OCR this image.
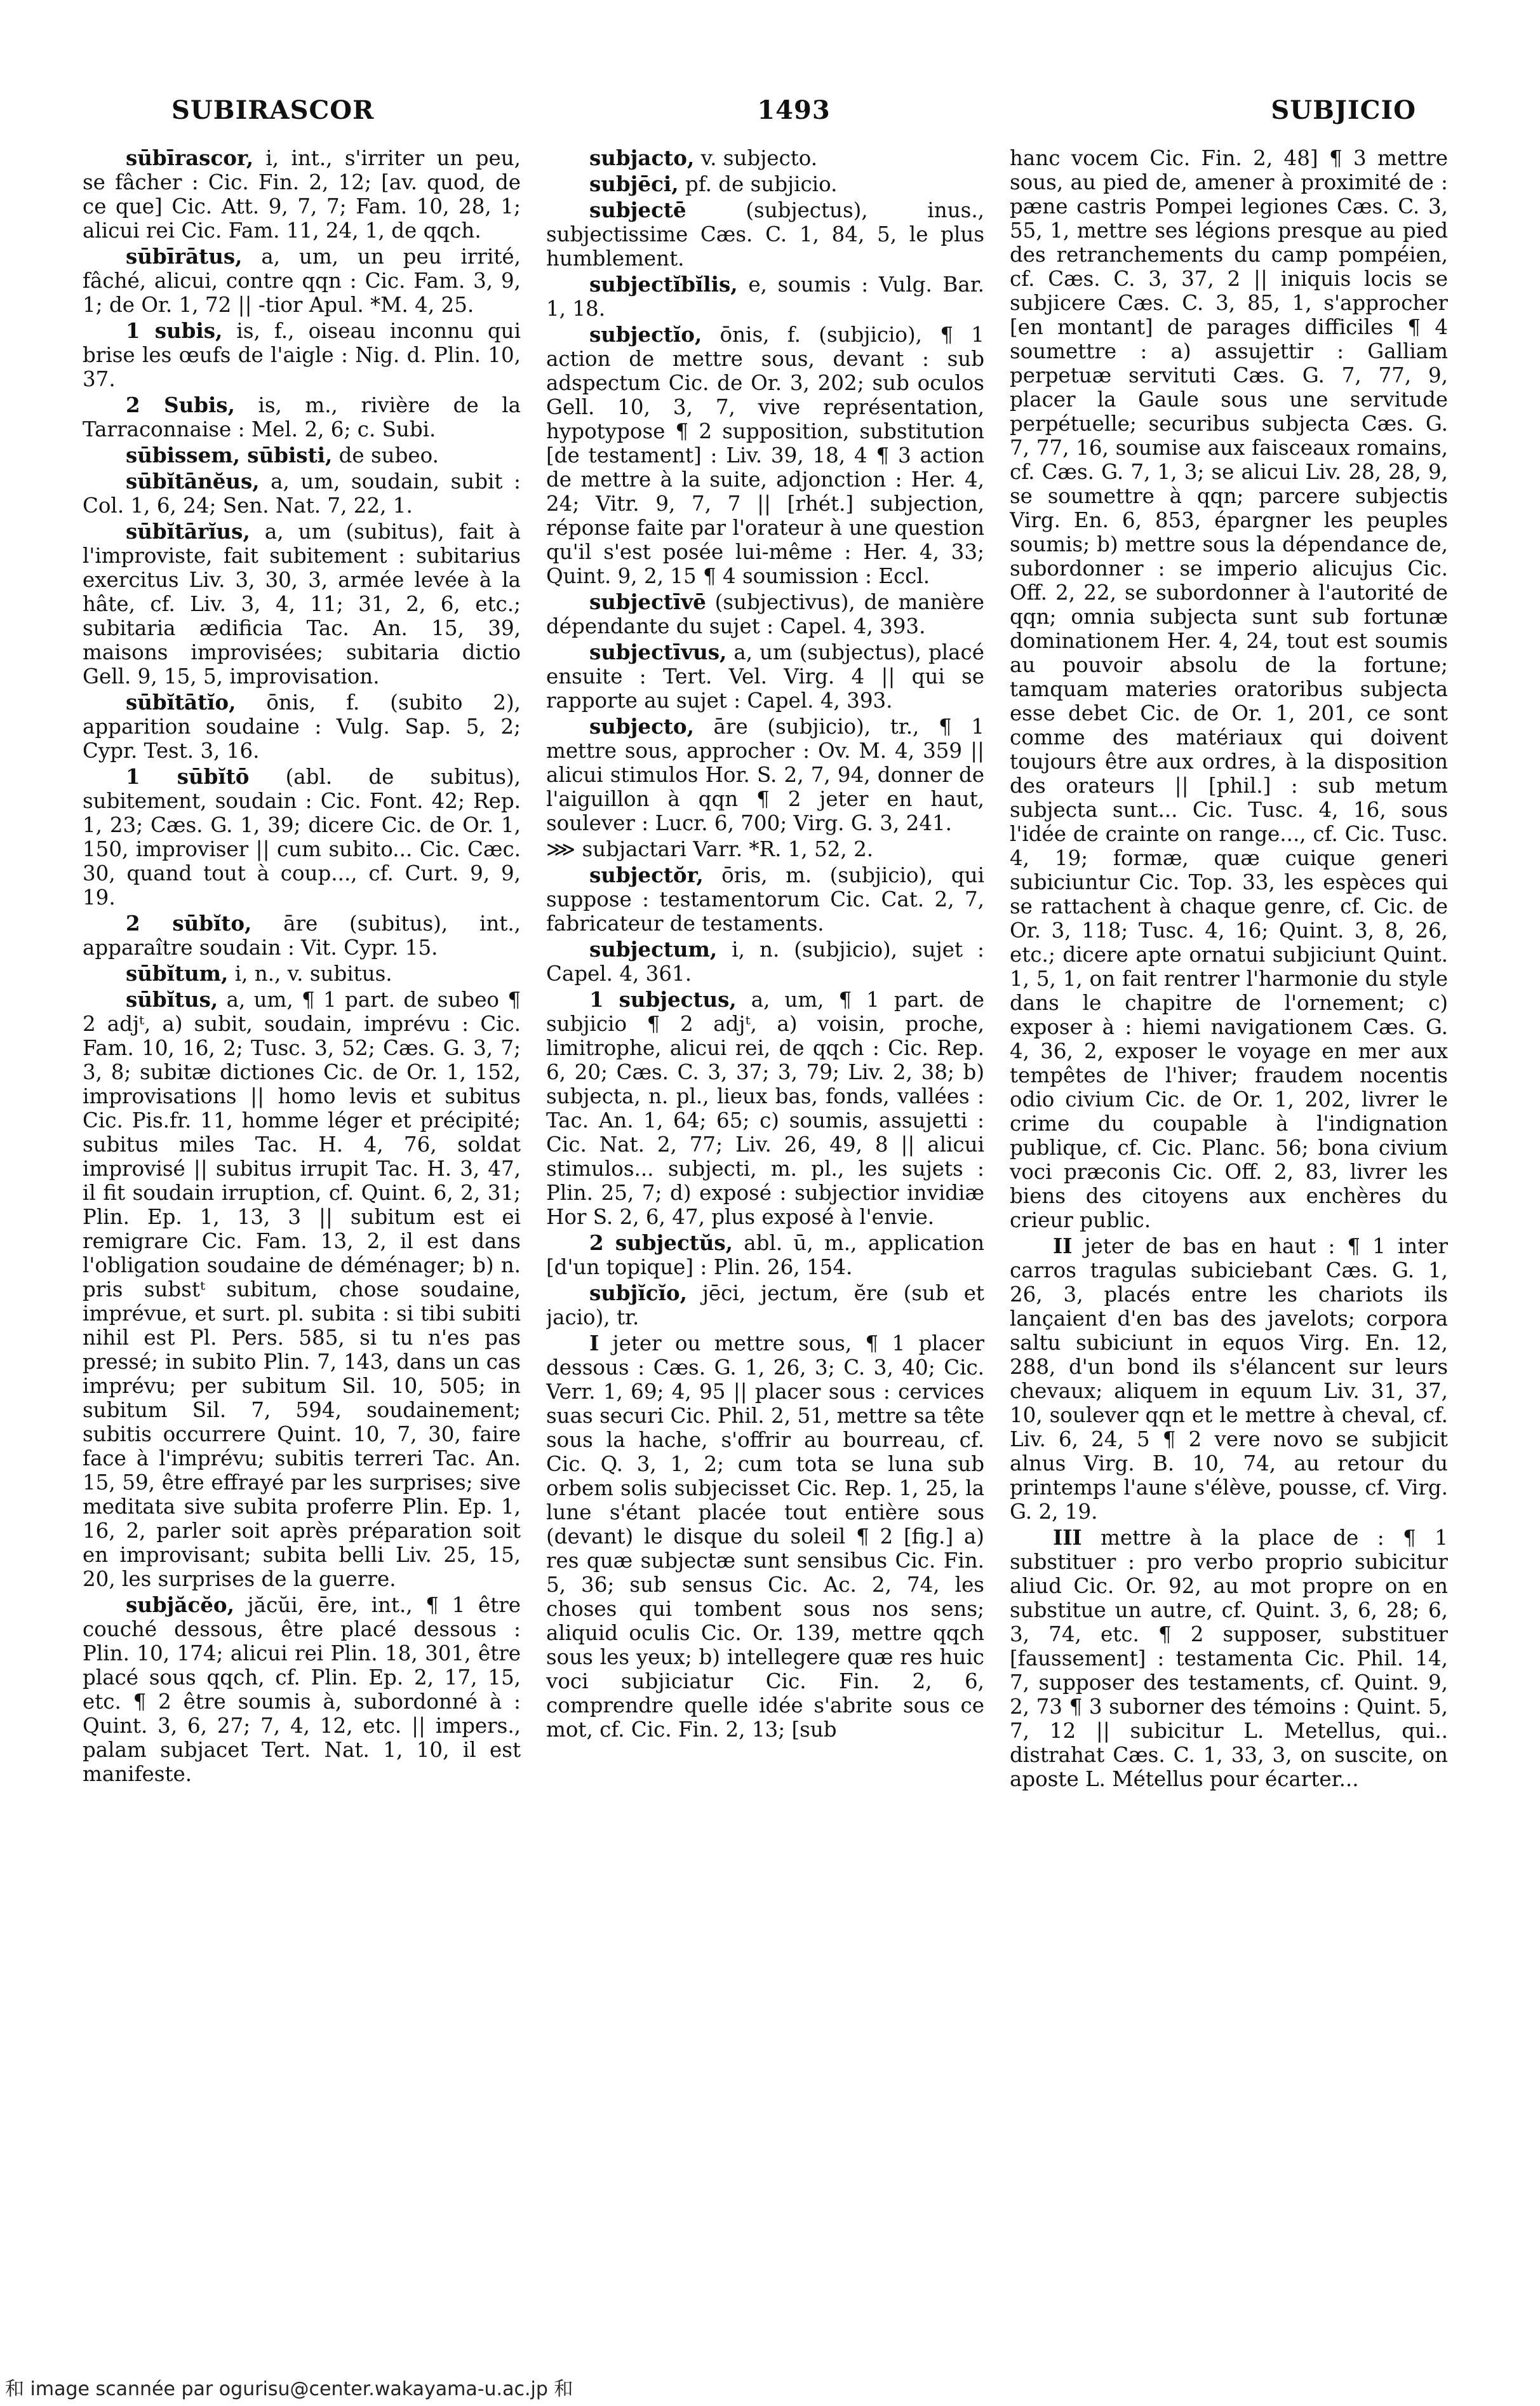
SUBIRASCOR	1493	SUBJICIO

sūbīrascor, i, int., s'irriter un peu, se fâcher : Cic. Fin. 2, 12; [av. quod, de ce que] Cic. Att. 9, 7, 7; Fam. 10, 28, 1; alicui rei Cic. Fam. 11, 24, 1, de qqch.

sūbīrātus, a, um, un peu irrité, fâché, alicui, contre qqn : Cic. Fam. 3, 9, 1; de Or. 1, 72 || -tior Apul. *M. 4, 25.

1 subis, is, f., oiseau inconnu qui brise les œufs de l'aigle : Nig. d. Plin. 10, 37.

2 Subis, is, m., rivière de la Tarraconnaise : Mel. 2, 6; c. Subi.

sūbissem, sūbisti, de subeo.

sūbĭtānĕus, a, um, soudain, subit : Col. 1, 6, 24; Sen. Nat. 7, 22, 1.

sūbĭtārĭus, a, um (subitus), fait à l'improviste, fait subitement : subitarius exercitus Liv. 3, 30, 3, armée levée à la hâte, cf. Liv. 3, 4, 11; 31, 2, 6, etc.; subitaria ædificia Tac. An. 15, 39, maisons improvisées; subitaria dictio Gell. 9, 15, 5, improvisation.

sūbĭtātĭo, ōnis, f. (subito 2), apparition soudaine : Vulg. Sap. 5, 2; Cypr. Test. 3, 16.

1 sūbĭtō (abl. de subitus), subitement, soudain : Cic. Font. 42; Rep. 1, 23; Cæs. G. 1, 39; dicere Cic. de Or. 1, 150, improviser || cum subito... Cic. Cæc. 30, quand tout à coup..., cf. Curt. 9, 9, 19.

2 sūbĭto, āre (subitus), int., apparaître soudain : Vit. Cypr. 15.

sūbĭtum, i, n., v. subitus.

sūbĭtus, a, um, ¶ 1 part. de subeo ¶ 2 adjᵗ, a) subit, soudain, imprévu : Cic. Fam. 10, 16, 2; Tusc. 3, 52; Cæs. G. 3, 7; 3, 8; subitæ dictiones Cic. de Or. 1, 152, improvisations || homo levis et subitus Cic. Pis.fr. 11, homme léger et précipité; subitus miles Tac. H. 4, 76, soldat improvisé || subitus irrupit Tac. H. 3, 47, il fit soudain irruption, cf. Quint. 6, 2, 31; Plin. Ep. 1, 13, 3 || subitum est ei remigrare Cic. Fam. 13, 2, il est dans l'obligation soudaine de déménager; b) n. pris substᵗ subitum, chose soudaine, imprévue, et surt. pl. subita : si tibi subiti nihil est Pl. Pers. 585, si tu n'es pas pressé; in subito Plin. 7, 143, dans un cas imprévu; per subitum Sil. 10, 505; in subitum Sil. 7, 594, soudainement; subitis occurrere Quint. 10, 7, 30, faire face à l'imprévu; subitis terreri Tac. An. 15, 59, être effrayé par les surprises; sive meditata sive subita proferre Plin. Ep. 1, 16, 2, parler soit après préparation soit en improvisant; subita belli Liv. 25, 15, 20, les surprises de la guerre.

subjăcĕo, jăcŭi, ēre, int., ¶ 1 être couché dessous, être placé dessous : Plin. 10, 174; alicui rei Plin. 18, 301, être placé sous qqch, cf. Plin. Ep. 2, 17, 15, etc. ¶ 2 être soumis à, subordonné à : Quint. 3, 6, 27; 7, 4, 12, etc. || impers., palam subjacet Tert. Nat. 1, 10, il est manifeste.

subjacto, v. subjecto.

subjēci, pf. de subjicio.

subjectē	(subjectus), inus., subjectissime Cæs. C. 1, 84, 5, le plus humblement.

subjectĭbĭlis, e, soumis : Vulg. Bar. 1, 18.

subjectĭo, ōnis, f. (subjicio), ¶ 1 action de mettre sous, devant : sub adspectum Cic. de Or. 3, 202; sub oculos Gell. 10, 3, 7, vive représentation, hypotypose ¶ 2 supposition, substitution [de testament] : Liv. 39, 18, 4 ¶ 3 action de mettre à la suite, adjonction : Her. 4, 24; Vitr. 9, 7, 7 || [rhét.] subjection, réponse faite par l'orateur à une question qu'il s'est posée lui-même : Her. 4, 33; Quint. 9, 2, 15 ¶ 4 soumission : Eccl.

subjectīvē (subjectivus), de manière dépendante du sujet : Capel. 4, 393.

subjectīvus, a, um (subjectus), placé ensuite : Tert. Vel. Virg. 4 || qui se rapporte au sujet : Capel. 4, 393.

subjecto, āre (subjicio), tr., ¶ 1 mettre sous, approcher : Ov. M. 4, 359 || alicui stimulos Hor. S. 2, 7, 94, donner de l'aiguillon à qqn ¶ 2 jeter en haut, soulever : Lucr. 6, 700; Virg. G. 3, 241.

⋙ subjactari Varr. *R. 1, 52, 2.

subjectŏr, ōris, m. (subjicio), qui suppose : testamentorum Cic. Cat. 2, 7, fabricateur de testaments.

subjectum, i, n. (subjicio), sujet : Capel. 4, 361.

1 subjectus, a, um, ¶ 1 part. de subjicio ¶ 2 adjᵗ, a) voisin, proche, limitrophe, alicui rei, de qqch : Cic. Rep. 6, 20; Cæs. C. 3, 37; 3, 79; Liv. 2, 38; b) subjecta, n. pl., lieux bas, fonds, vallées : Tac. An. 1, 64; 65; c) soumis, assujetti : Cic. Nat. 2, 77; Liv. 26, 49, 8 || alicui stimulos... subjecti, m. pl., les sujets : Plin. 25, 7; d) exposé : subjectior invidiæ Hor S. 2, 6, 47, plus exposé à l'envie.

2 subjectŭs, abl. ū, m., application [d'un topique] : Plin. 26, 154.

subjĭcĭo, jēci, jectum, ĕre (sub et jacio), tr.

I jeter ou mettre sous, ¶ 1 placer dessous : Cæs. G. 1, 26, 3; C. 3, 40; Cic. Verr. 1, 69; 4, 95 || placer sous : cervices suas securi Cic. Phil. 2, 51, mettre sa tête sous la hache, s'offrir au bourreau, cf. Cic. Q. 3, 1, 2; cum tota se luna sub orbem solis subjecisset Cic. Rep. 1, 25, la lune s'étant placée tout entière sous (devant) le disque du soleil ¶ 2 [fig.] a) res quæ subjectæ sunt sensibus Cic. Fin. 5, 36; sub sensus Cic. Ac. 2, 74, les choses qui tombent sous nos sens; aliquid oculis Cic. Or. 139, mettre qqch sous les yeux; b) intellegere quæ res huic voci subjiciatur Cic. Fin. 2, 6, comprendre quelle idée s'abrite sous ce mot, cf. Cic. Fin. 2, 13; [sub

hanc vocem Cic. Fin. 2, 48] ¶ 3 mettre sous, au pied de, amener à proximité de : pæne castris Pompei legiones Cæs. C. 3, 55, 1, mettre ses légions presque au pied des retranchements du camp pompéien, cf. Cæs. C. 3, 37, 2 || iniquis locis se subjicere Cæs. C. 3, 85, 1, s'approcher [en montant] de parages difficiles ¶ 4 soumettre : a) assujettir : Galliam perpetuæ servituti Cæs. G. 7, 77, 9, placer la Gaule sous une servitude perpétuelle; securibus subjecta Cæs. G. 7, 77, 16, soumise aux faisceaux romains, cf. Cæs. G. 7, 1, 3; se alicui Liv. 28, 28, 9, se soumettre à qqn; parcere subjectis Virg. En. 6, 853, épargner les peuples soumis; b) mettre sous la dépendance de, subordonner : se imperio alicujus Cic. Off. 2, 22, se subordonner à l'autorité de qqn; omnia subjecta sunt sub fortunæ dominationem Her. 4, 24, tout est soumis au pouvoir absolu de la fortune; tamquam materies oratoribus subjecta esse debet Cic. de Or. 1, 201, ce sont comme des matériaux qui doivent toujours être aux ordres, à la disposition des orateurs || [phil.] : sub metum subjecta sunt... Cic. Tusc. 4, 16, sous l'idée de crainte on range..., cf. Cic. Tusc. 4, 19; formæ, quæ cuique generi subiciuntur Cic. Top. 33, les espèces qui se rattachent à chaque genre, cf. Cic. de Or. 3, 118; Tusc. 4, 16; Quint. 3, 8, 26, etc.; dicere apte ornatui subjiciunt Quint. 1, 5, 1, on fait rentrer l'harmonie du style dans le chapitre de l'ornement; c) exposer à : hiemi navigationem Cæs. G. 4, 36, 2, exposer le voyage en mer aux tempêtes de l'hiver; fraudem nocentis odio civium Cic. de Or. 1, 202, livrer le crime du coupable à l'indignation publique, cf. Cic. Planc. 56; bona civium voci præconis Cic. Off. 2, 83, livrer les biens des citoyens aux enchères du crieur public.

II jeter de bas en haut : ¶ 1 inter carros tragulas subiciebant Cæs. G. 1, 26, 3, placés entre les chariots ils lançaient d'en bas des javelots; corpora saltu subiciunt in equos Virg. En. 12, 288, d'un bond ils s'élancent sur leurs chevaux; aliquem in equum Liv. 31, 37, 10, soulever qqn et le mettre à cheval, cf. Liv. 6, 24, 5 ¶ 2 vere novo se subjicit alnus Virg. B. 10, 74, au retour du printemps l'aune s'élève, pousse, cf. Virg. G. 2, 19.

III mettre à la place de : ¶ 1 substituer : pro verbo proprio subicitur aliud Cic. Or. 92, au mot propre on en substitue un autre, cf. Quint. 3, 6, 28; 6, 3, 74, etc. ¶ 2 supposer, substituer [faussement] : testamenta Cic. Phil. 14, 7, supposer des testaments, cf. Quint. 9, 2, 73 ¶ 3 suborner des témoins : Quint. 5, 7, 12 || subicitur L. Metellus, qui.. distrahat Cæs. C. 1, 33, 3, on suscite, on aposte L. Métellus pour écarter...

和 image scannée par ogurisu@center.wakayama-u.ac.jp 和
